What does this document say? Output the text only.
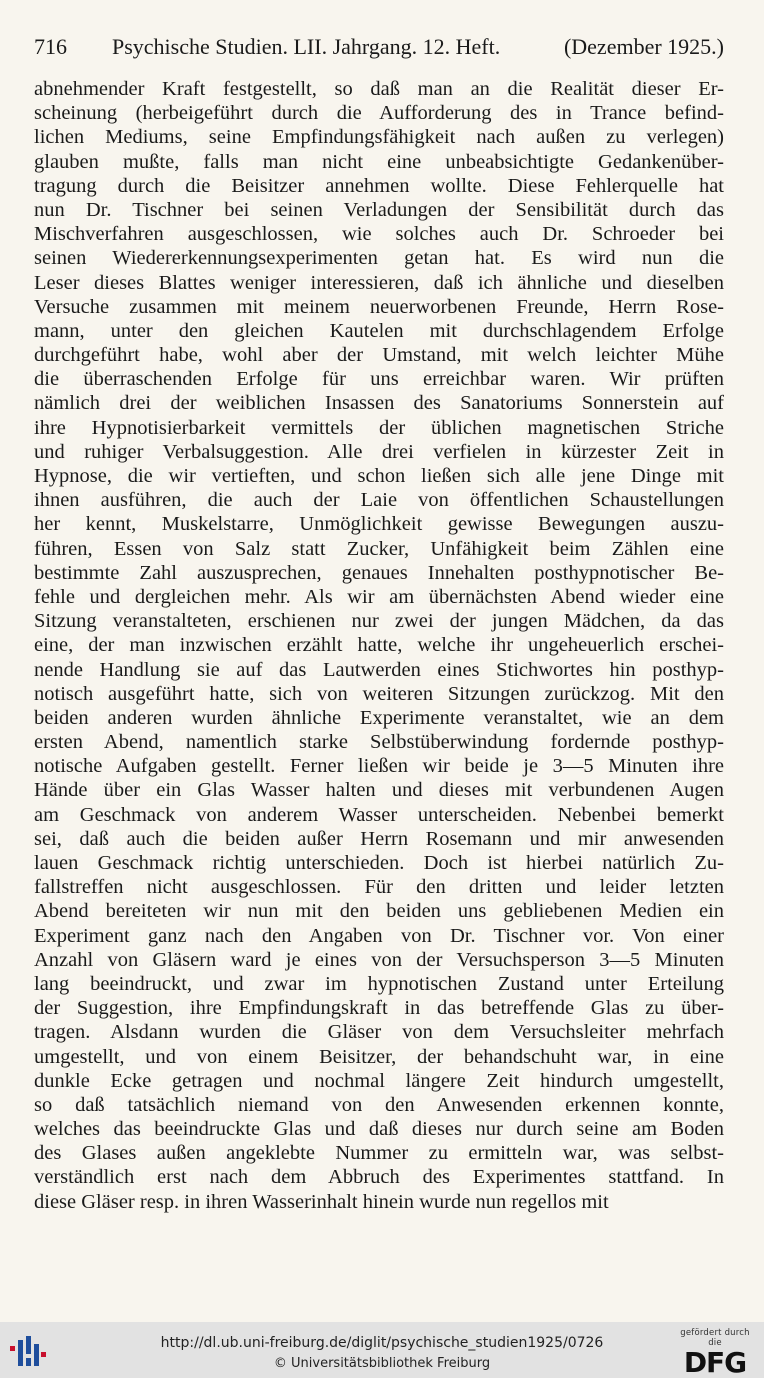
716 Psychische Studien. LII. Jahrgang. 12. Heft.	(Dezember 1925.)
abnehmender Kraft festgestellt, so daß man an die Realität dieser Er-
scheinung (herbeigeführt durch die Aufforderung des in Trance befind-
lichen Mediums, seine Empfindungsfähigkeit nach außen zu verlegen)
glauben mußte, falls man nicht eine unbeabsichtigte Gedankenüber-
tragung durch die Beisitzer annehmen wollte. Diese Fehlerquelle hat
nun Dr. Tischner bei seinen Verladungen der Sensibilität durch das
Mischverfahren ausgeschlossen, wie solches auch Dr. Schroeder bei
seinen Wiedererkennungsexperimenten getan hat. Es wird nun die
Leser dieses Blattes weniger interessieren, daß ich ähnliche und dieselben
Versuche zusammen mit meinem neuerworbenen Freunde, Herrn Rose-
mann, unter den gleichen Kautelen mit durchschlagendem Erfolge
durchgeführt habe, wohl aber der Umstand, mit welch leichter Mühe
die überraschenden Erfolge für uns erreichbar waren. Wir prüften
nämlich drei der weiblichen Insassen des Sanatoriums Sonnerstein auf
ihre Hypnotisierbarkeit vermittels der üblichen magnetischen Striche
und ruhiger Verbalsuggestion. Alle drei verfielen in kürzester Zeit in
Hypnose, die wir vertieften, und schon ließen sich alle jene Dinge mit
ihnen ausführen, die auch der Laie von öffentlichen Schaustellungen
her kennt, Muskelstarre, Unmöglichkeit gewisse Bewegungen auszu-
führen, Essen von Salz statt Zucker, Unfähigkeit beim Zählen eine
bestimmte Zahl auszusprechen, genaues Innehalten posthypnotischer Be-
fehle und dergleichen mehr. Als wir am übernächsten Abend wieder eine
Sitzung veranstalteten, erschienen nur zwei der jungen Mädchen, da das
eine, der man inzwischen erzählt hatte, welche ihr ungeheuerlich erschei-
nende Handlung sie auf das Lautwerden eines Stichwortes hin posthyp-
notisch ausgeführt hatte, sich von weiteren Sitzungen zurückzog. Mit den
beiden anderen wurden ähnliche Experimente veranstaltet, wie an dem
ersten Abend, namentlich starke Selbstüberwindung fordernde posthyp-
notische Aufgaben gestellt. Ferner ließen wir beide je 3—5 Minuten ihre
Hände über ein Glas Wasser halten und dieses mit verbundenen Augen
am Geschmack von anderem Wasser unterscheiden. Nebenbei bemerkt
sei, daß auch die beiden außer Herrn Rosemann und mir anwesenden
lauen Geschmack richtig unterschieden. Doch ist hierbei natürlich Zu-
fallstreffen nicht ausgeschlossen. Für den dritten und leider letzten
Abend bereiteten wir nun mit den beiden uns gebliebenen Medien ein
Experiment ganz nach den Angaben von Dr. Tischner vor. Von einer
Anzahl von Gläsern ward je eines von der Versuchsperson 3—5 Minuten
lang beeindruckt, und zwar im hypnotischen Zustand unter Erteilung
der Suggestion, ihre Empfindungskraft in das betreffende Glas zu über-
tragen. Alsdann wurden die Gläser von dem Versuchsleiter mehrfach
umgestellt, und von einem Beisitzer, der behandschuht war, in eine
dunkle Ecke getragen und nochmal längere Zeit hindurch umgestellt,
so daß tatsächlich niemand von den Anwesenden erkennen konnte,
welches das beeindruckte Glas und daß dieses nur durch seine am Boden
des Glases außen angeklebte Nummer zu ermitteln war, was selbst-
verständlich erst nach dem Abbruch des Experimentes stattfand. In
diese Gläser resp. in ihren Wasserinhalt hinein wurde nun regellos mit
http://dl.ub.uni-freiburg.de/diglit/psychische_studien1925/0726
© Universitätsbibliothek Freiburg
gefördert durch die
DFG
